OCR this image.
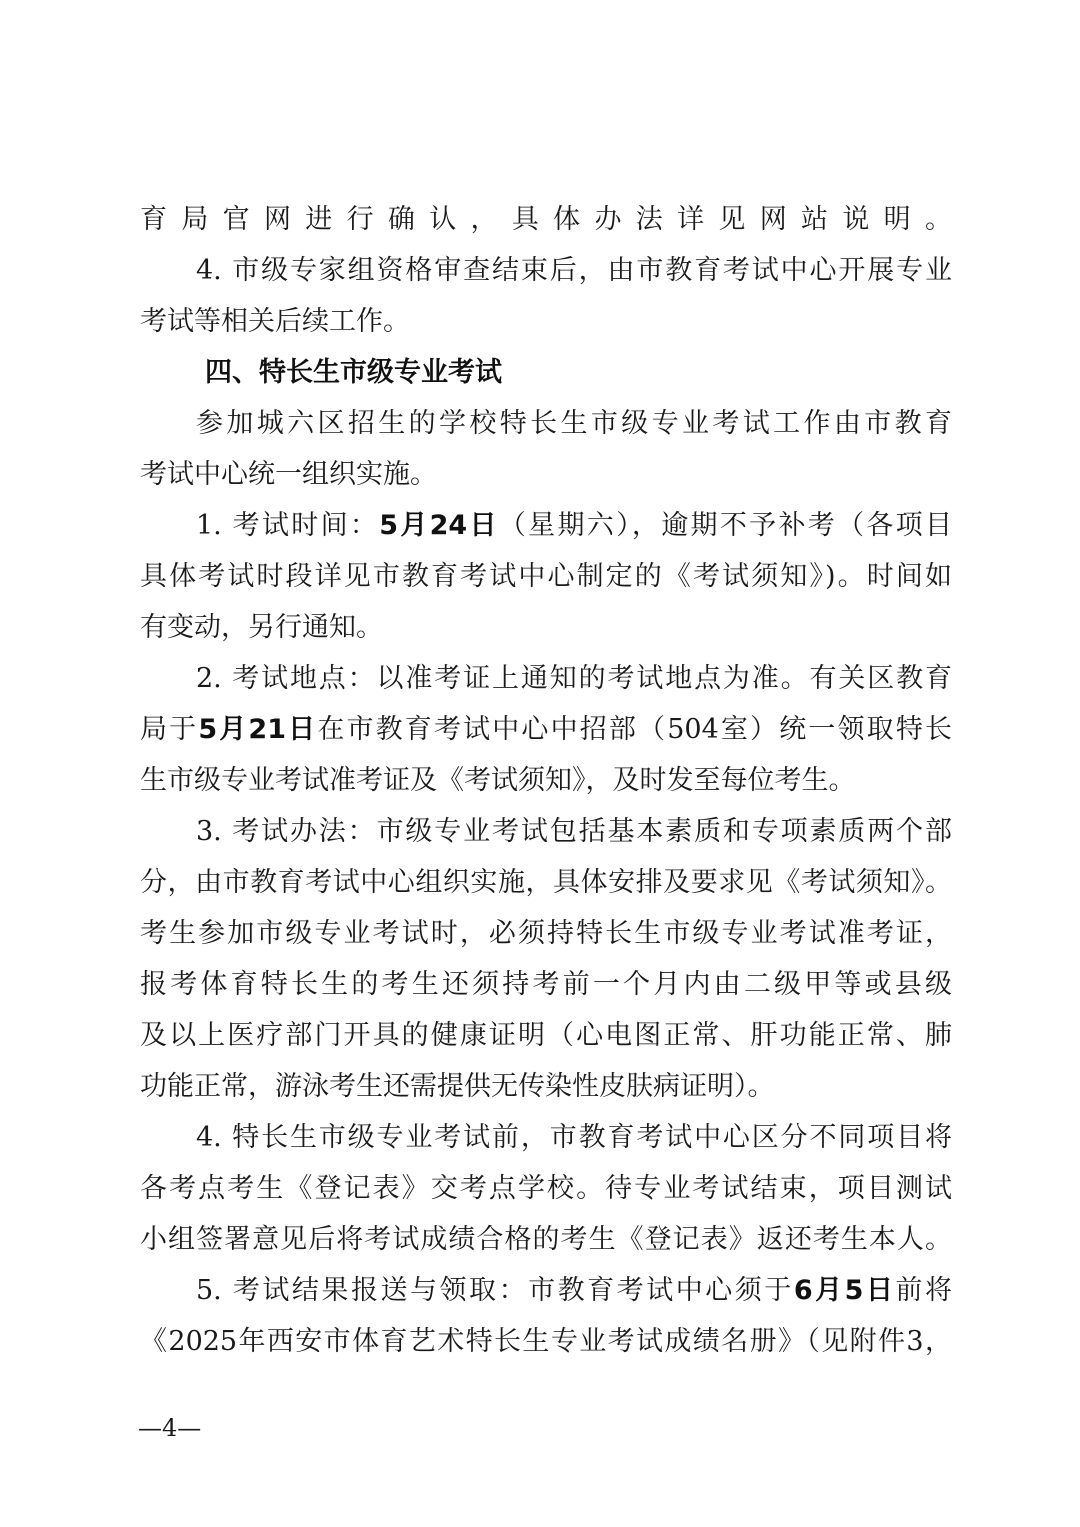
育局官网进行确认，具体办法详见网站说明。
4. 市级专家组资格审查结束后，由市教育考试中心开展专业
考试等相关后续工作。
四、特长生市级专业考试
参加城六区招生的学校特长生市级专业考试工作由市教育
考试中心统一组织实施。
1. 考试时间：5月24日（星期六），逾期不予补考（各项目
具体考试时段详见市教育考试中心制定的《考试须知》)。时间如
有变动，另行通知。
2. 考试地点：以准考证上通知的考试地点为准。有关区教育
局于5月21日在市教育考试中心中招部（504室）统一领取特长
生市级专业考试准考证及《考试须知》，及时发至每位考生。
3. 考试办法：市级专业考试包括基本素质和专项素质两个部
分，由市教育考试中心组织实施，具体安排及要求见《考试须知》。
考生参加市级专业考试时，必须持特长生市级专业考试准考证，
报考体育特长生的考生还须持考前一个月内由二级甲等或县级
及以上医疗部门开具的健康证明（心电图正常、肝功能正常、肺
功能正常，游泳考生还需提供无传染性皮肤病证明）。
4. 特长生市级专业考试前，市教育考试中心区分不同项目将
各考点考生《登记表》交考点学校。待专业考试结束，项目测试
小组签署意见后将考试成绩合格的考生《登记表》返还考生本人。
5. 考试结果报送与领取：市教育考试中心须于6月5日前将
《2025年西安市体育艺术特长生专业考试成绩名册》（见附件3，
—4—
